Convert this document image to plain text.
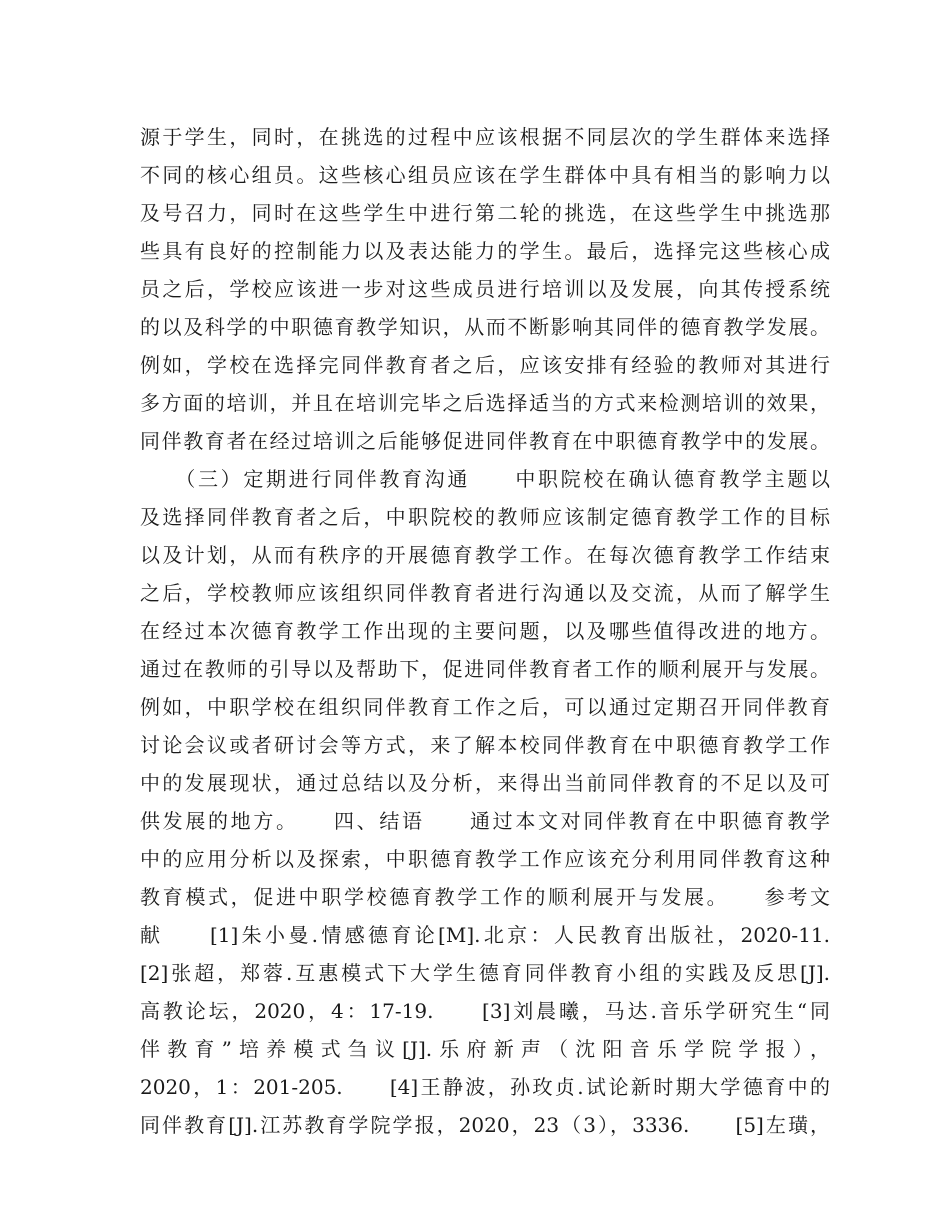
源于学生，同时，在挑选的过程中应该根据不同层次的学生群体来选择
不同的核心组员。这些核心组员应该在学生群体中具有相当的影响力以
及号召力，同时在这些学生中进行第二轮的挑选，在这些学生中挑选那
些具有良好的控制能力以及表达能力的学生。最后，选择完这些核心成
员之后，学校应该进一步对这些成员进行培训以及发展，向其传授系统
的以及科学的中职德育教学知识，从而不断影响其同伴的德育教学发展。
例如，学校在选择完同伴教育者之后，应该安排有经验的教师对其进行
多方面的培训，并且在培训完毕之后选择适当的方式来检测培训的效果，
同伴教育者在经过培训之后能够促进同伴教育在中职德育教学中的发展。
　　（三）定期进行同伴教育沟通　　中职院校在确认德育教学主题以
及选择同伴教育者之后，中职院校的教师应该制定德育教学工作的目标
以及计划，从而有秩序的开展德育教学工作。在每次德育教学工作结束
之后，学校教师应该组织同伴教育者进行沟通以及交流，从而了解学生
在经过本次德育教学工作出现的主要问题，以及哪些值得改进的地方。
通过在教师的引导以及帮助下，促进同伴教育者工作的顺利展开与发展。
例如，中职学校在组织同伴教育工作之后，可以通过定期召开同伴教育
讨论会议或者研讨会等方式，来了解本校同伴教育在中职德育教学工作
中的发展现状，通过总结以及分析，来得出当前同伴教育的不足以及可
供发展的地方。　　四、结语　　通过本文对同伴教育在中职德育教学
中的应用分析以及探索，中职德育教学工作应该充分利用同伴教育这种
教育模式，促进中职学校德育教学工作的顺利展开与发展。　　参考文
献　　[1]朱小曼.情感德育论[M].北京：人民教育出版社，2020-11.
[2]张超，郑蓉.互惠模式下大学生德育同伴教育小组的实践及反思[J].
高教论坛，2020，4：17-19.　　[3]刘晨曦，马达.音乐学研究生“同
伴教育”培养模式刍议[J].乐府新声（沈阳音乐学院学报），
2020，1：201-205.　　[4]王静波，孙玫贞.试论新时期大学德育中的
同伴教育[J].江苏教育学院学报，2020，23（3），3336.　　[5]左璜，
